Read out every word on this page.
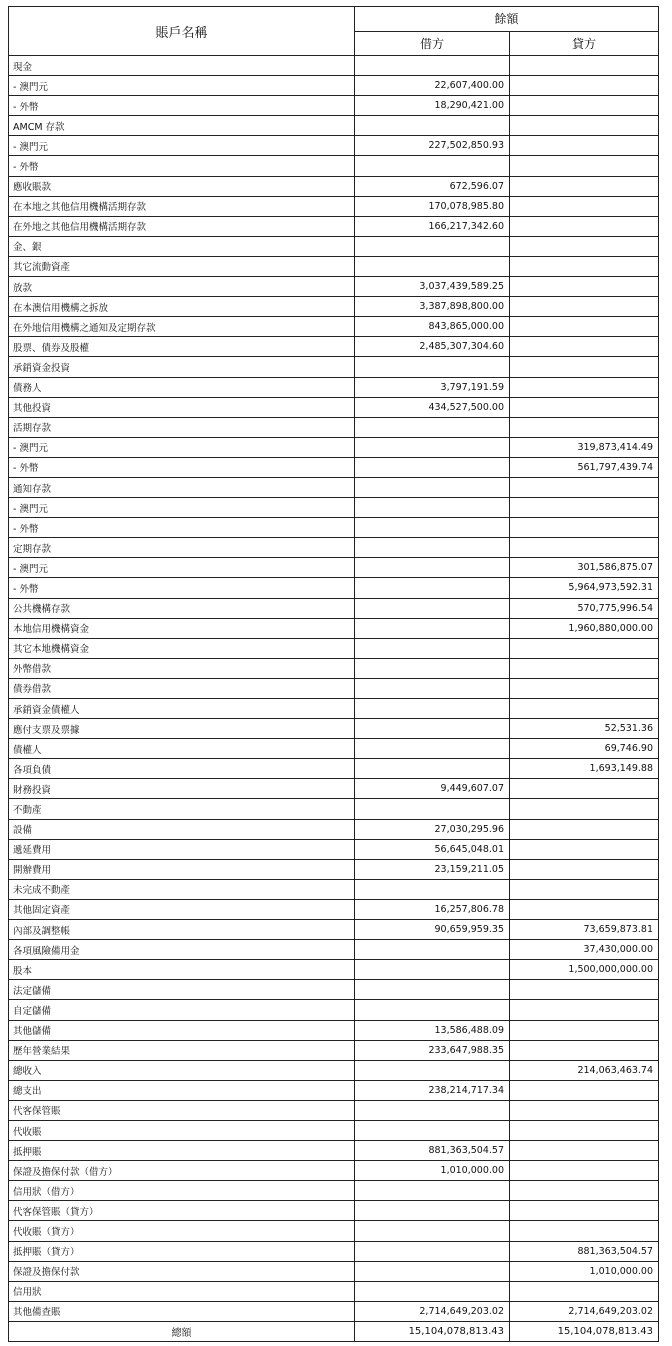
賬戶名稱	餘額	
	借方	貸方
現金		
- 澳門元	22,607,400.00	
- 外幣	18,290,421.00	
AMCM 存款		
- 澳門元	227,502,850.93	
- 外幣		
應收賬款	672,596.07	
在本地之其他信用機構活期存款	170,078,985.80	
在外地之其他信用機構活期存款	166,217,342.60	
金、銀		
其它流動資產		
放款	3,037,439,589.25	
在本澳信用機構之拆放	3,387,898,800.00	
在外地信用機構之通知及定期存款	843,865,000.00	
股票、債券及股權	2,485,307,304.60	
承銷資金投資		
債務人	3,797,191.59	
其他投資	434,527,500.00	
活期存款		
- 澳門元		319,873,414.49
- 外幣		561,797,439.74
通知存款		
- 澳門元		
- 外幣		
定期存款		
- 澳門元		301,586,875.07
- 外幣		5,964,973,592.31
公共機構存款		570,775,996.54
本地信用機構資金		1,960,880,000.00
其它本地機構資金		
外幣借款		
債券借款		
承銷資金債權人		
應付支票及票據		52,531.36
債權人		69,746.90
各項負債		1,693,149.88
財務投資	9,449,607.07	
不動產		
設備	27,030,295.96	
遞延費用	56,645,048.01	
開辦費用	23,159,211.05	
未完成不動產		
其他固定資產	16,257,806.78	
內部及調整帳	90,659,959.35	73,659,873.81
各項風險備用金		37,430,000.00
股本		1,500,000,000.00
法定儲備		
自定儲備		
其他儲備	13,586,488.09	
歷年營業結果	233,647,988.35	
總收入		214,063,463.74
總支出	238,214,717.34	
代客保管賬		
代收賬		
抵押賬	881,363,504.57	
保證及擔保付款（借方）	1,010,000.00	
信用狀（借方）		
代客保管賬（貸方）		
代收賬（貸方）		
抵押賬（貸方）		881,363,504.57
保證及擔保付款		1,010,000.00
信用狀		
其他備查賬	2,714,649,203.02	2,714,649,203.02
總額	15,104,078,813.43	15,104,078,813.43
